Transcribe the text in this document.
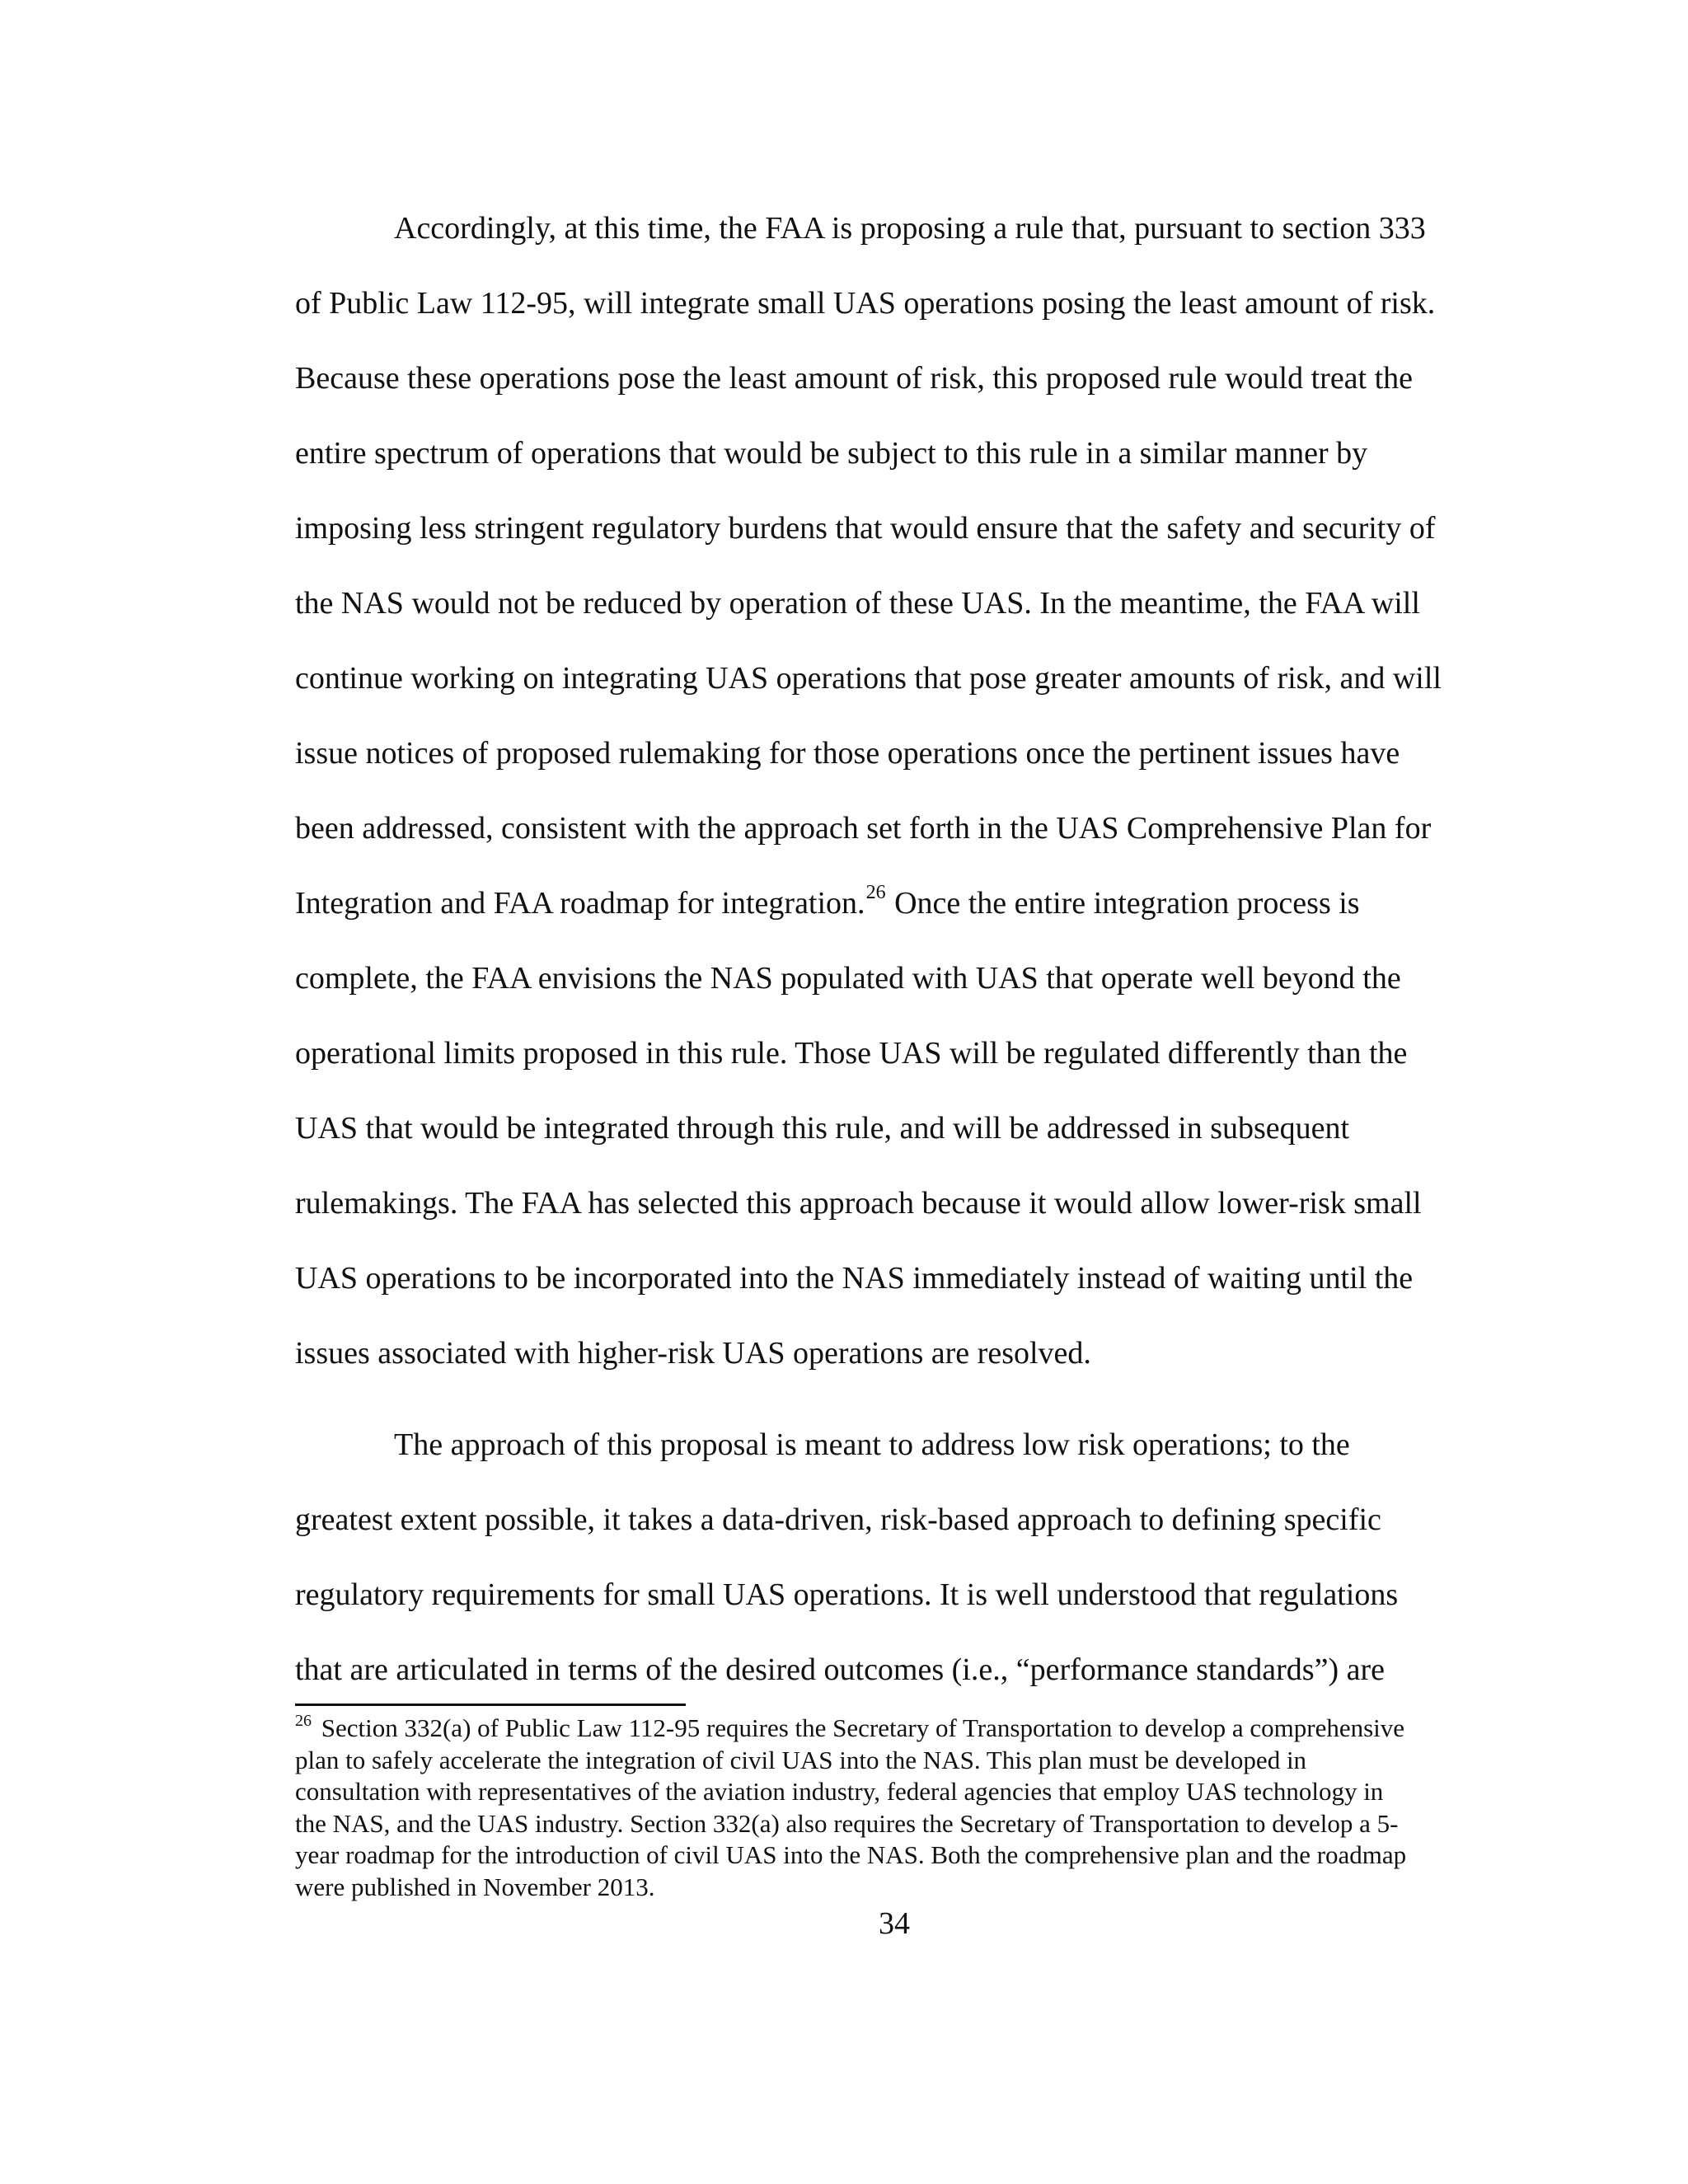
Accordingly, at this time, the FAA is proposing a rule that, pursuant to section 333
of Public Law 112-95, will integrate small UAS operations posing the least amount of risk.
Because these operations pose the least amount of risk, this proposed rule would treat the
entire spectrum of operations that would be subject to this rule in a similar manner by
imposing less stringent regulatory burdens that would ensure that the safety and security of
the NAS would not be reduced by operation of these UAS. In the meantime, the FAA will
continue working on integrating UAS operations that pose greater amounts of risk, and will
issue notices of proposed rulemaking for those operations once the pertinent issues have
been addressed, consistent with the approach set forth in the UAS Comprehensive Plan for
Integration and FAA roadmap for integration.$^{26}$ Once the entire integration process is
complete, the FAA envisions the NAS populated with UAS that operate well beyond the
operational limits proposed in this rule. Those UAS will be regulated differently than the
UAS that would be integrated through this rule, and will be addressed in subsequent
rulemakings. The FAA has selected this approach because it would allow lower-risk small
UAS operations to be incorporated into the NAS immediately instead of waiting until the
issues associated with higher-risk UAS operations are resolved.

The approach of this proposal is meant to address low risk operations; to the
greatest extent possible, it takes a data-driven, risk-based approach to defining specific
regulatory requirements for small UAS operations. It is well understood that regulations
that are articulated in terms of the desired outcomes (i.e., “performance standards”) are

$^{26}$ Section 332(a) of Public Law 112-95 requires the Secretary of Transportation to develop a comprehensive
plan to safely accelerate the integration of civil UAS into the NAS. This plan must be developed in
consultation with representatives of the aviation industry, federal agencies that employ UAS technology in
the NAS, and the UAS industry. Section 332(a) also requires the Secretary of Transportation to develop a 5-
year roadmap for the introduction of civil UAS into the NAS. Both the comprehensive plan and the roadmap
were published in November 2013.
34
